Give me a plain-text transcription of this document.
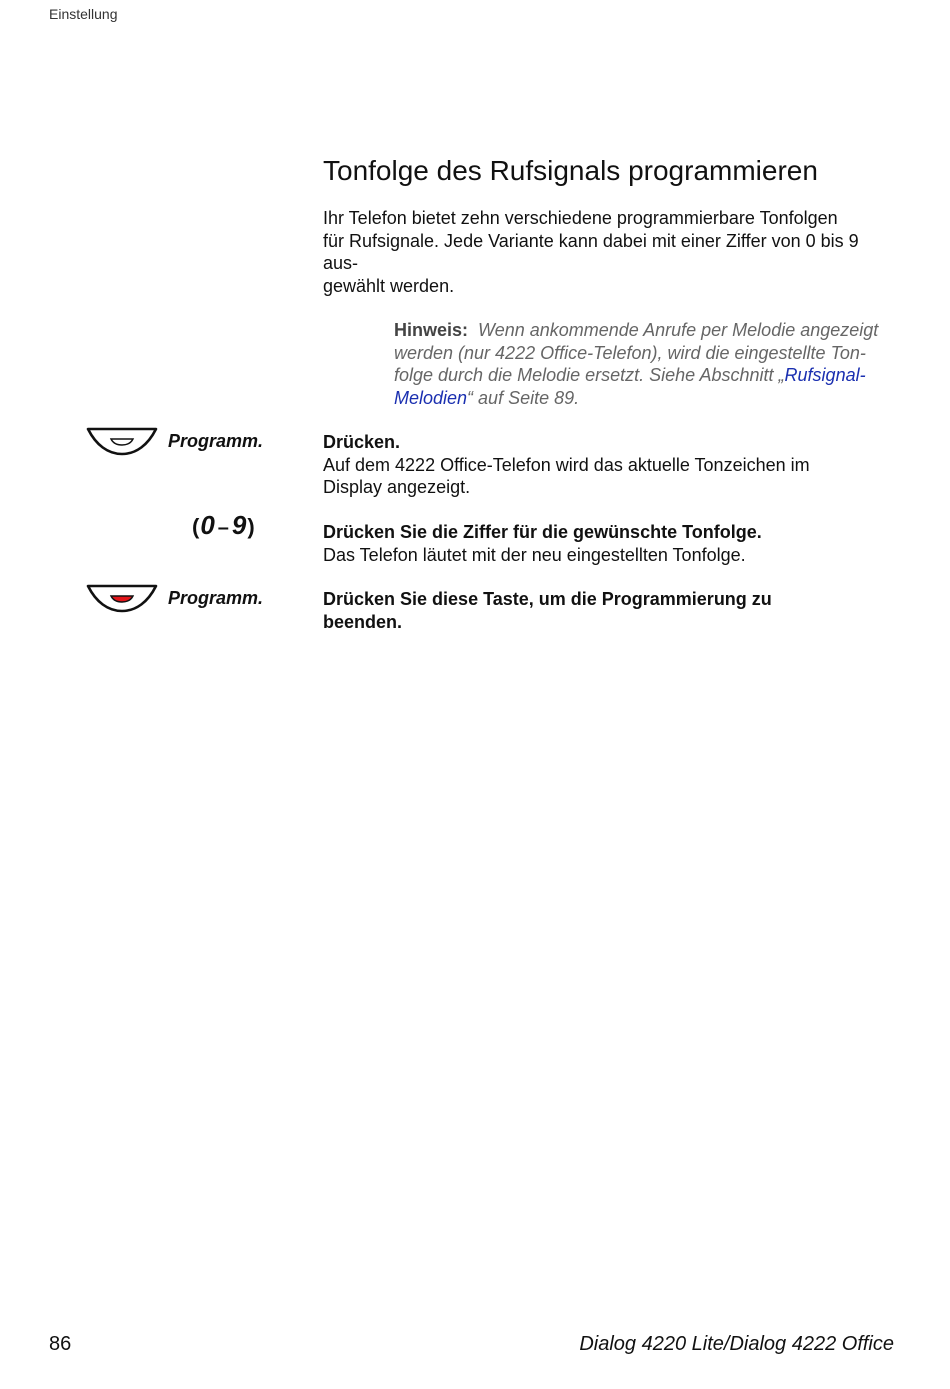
Einstellung
Tonfolge des Rufsignals programmieren
Ihr Telefon bietet zehn verschiedene programmierbare Tonfolgen
für Rufsignale. Jede Variante kann dabei mit einer Ziffer von 0 bis 9
aus-
gewählt werden.
Hinweis: Wenn ankommende Anrufe per Melodie angezeigt
werden (nur 4222 Office-Telefon), wird die eingestellte Ton-
folge durch die Melodie ersetzt. Siehe Abschnitt „Rufsignal-
Melodien“ auf Seite 89.
Programm.	Drücken.
Auf dem 4222 Office-Telefon wird das aktuelle Tonzeichen im
Display angezeigt.
(0 –9)	Drücken Sie die Ziffer für die gewünschte Tonfolge.
Das Telefon läutet mit der neu eingestellten Tonfolge.
Programm.	Drücken Sie diese Taste, um die Programmierung zu
beenden.
86	Dialog 4220 Lite/Dialog 4222 Office
